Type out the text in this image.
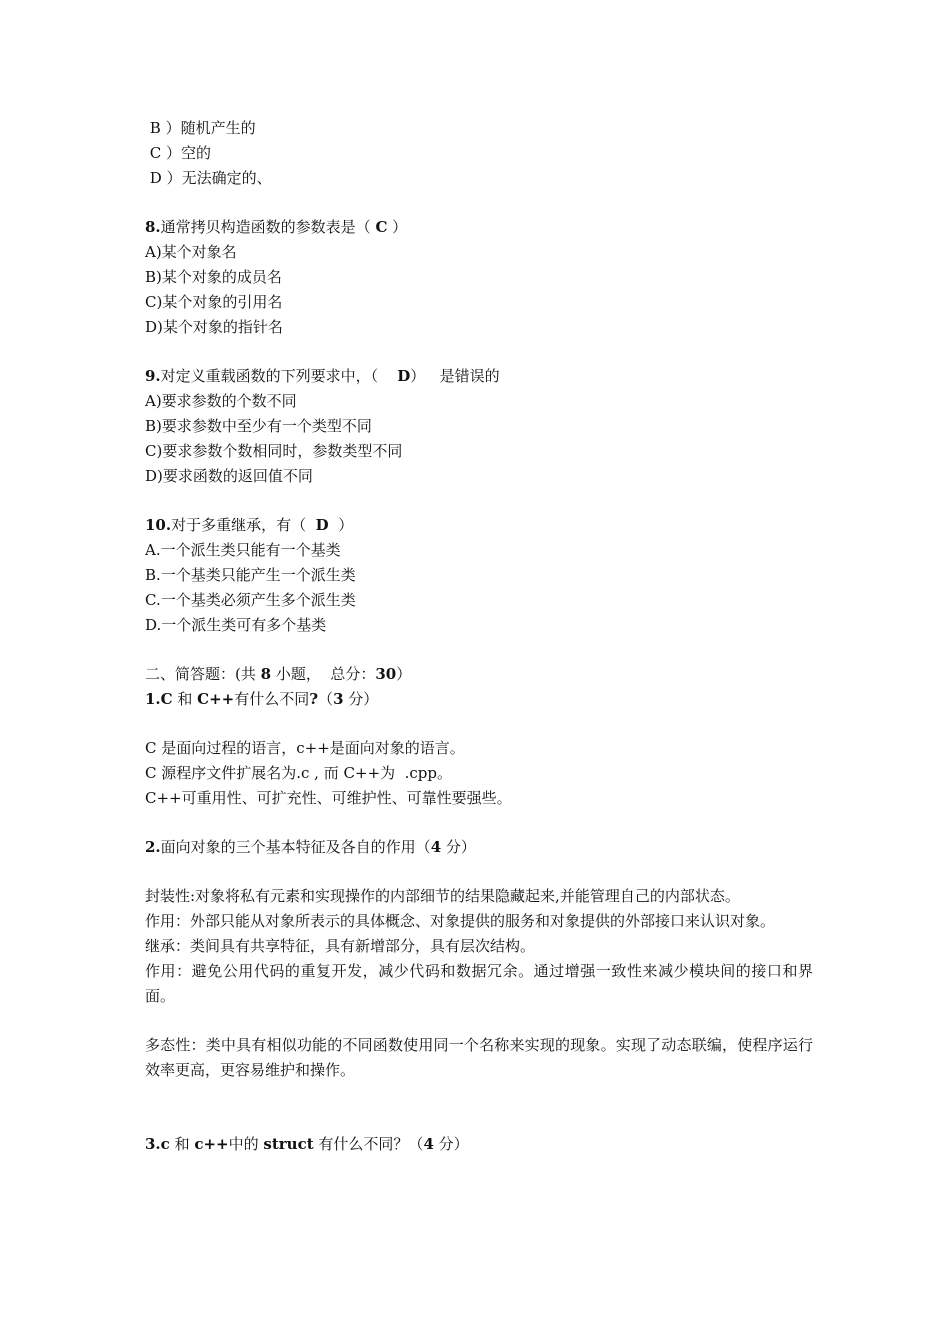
B ）随机产生的
C ）空的
D ）无法确定的、
8.通常拷贝构造函数的参数表是（ C ）
A)某个对象名
B)某个对象的成员名
C)某个对象的引用名
D)某个对象的指针名
9.对定义重载函数的下列要求中，（    D）   是错误的
A)要求参数的个数不同
B)要求参数中至少有一个类型不同
C)要求参数个数相同时，参数类型不同
D)要求函数的返回值不同
10.对于多重继承，有（  D  ）
A.一个派生类只能有一个基类
B.一个基类只能产生一个派生类
C.一个基类必须产生多个派生类
D.一个派生类可有多个基类
二、简答题：(共 8 小题，  总分：30）
1.C 和 C++有什么不同?（3 分）
C 是面向过程的语言，c++是面向对象的语言。
C 源程序文件扩展名为.c , 而 C++为  .cpp。
C++可重用性、可扩充性、可维护性、可靠性要强些。
2.面向对象的三个基本特征及各自的作用（4 分）
封装性:对象将私有元素和实现操作的内部细节的结果隐藏起来,并能管理自己的内部状态。
作用：外部只能从对象所表示的具体概念、对象提供的服务和对象提供的外部接口来认识对象。
继承：类间具有共享特征，具有新增部分，具有层次结构。
作用：避免公用代码的重复开发，减少代码和数据冗余。通过增强一致性来减少模块间的接口和界面。
多态性：类中具有相似功能的不同函数使用同一个名称来实现的现象。实现了动态联编，使程序运行效率更高，更容易维护和操作。
3.c 和 c++中的 struct 有什么不同？（4 分）
